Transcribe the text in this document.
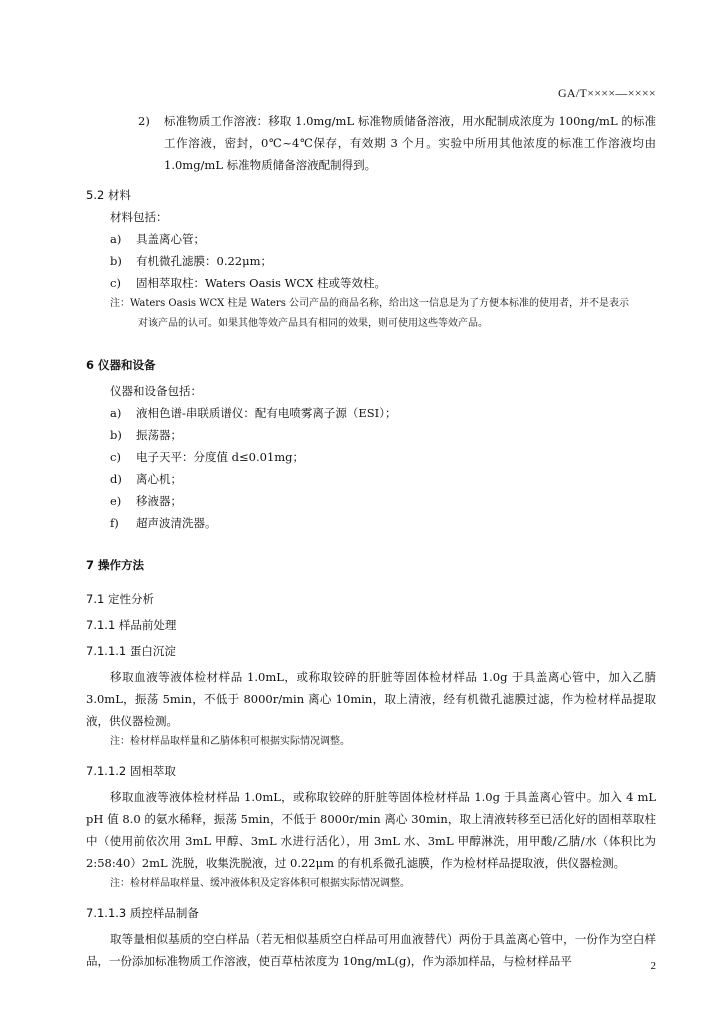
GA/T××××—××××
2)	标准物质工作溶液：移取 1.0mg/mL 标准物质储备溶液，用水配制成浓度为 100ng/mL 的标准工作溶液，密封，0℃~4℃保存，有效期 3 个月。实验中所用其他浓度的标准工作溶液均由 1.0mg/mL 标准物质储备溶液配制得到。
5.2 材料
材料包括：
a)	具盖离心管；
b)	有机微孔滤膜：0.22μm；
c)	固相萃取柱：Waters Oasis WCX 柱或等效柱。
注：Waters Oasis WCX 柱是 Waters 公司产品的商品名称，给出这一信息是为了方便本标准的使用者，并不是表示
对该产品的认可。如果其他等效产品具有相同的效果，则可使用这些等效产品。
6 仪器和设备
仪器和设备包括：
a)	液相色谱-串联质谱仪：配有电喷雾离子源（ESI）；
b)	振荡器；
c)	电子天平：分度值 d≤0.01mg；
d)	离心机；
e)	移液器；
f)	超声波清洗器。
7 操作方法
7.1 定性分析
7.1.1 样品前处理
7.1.1.1 蛋白沉淀
移取血液等液体检材样品 1.0mL，或称取铰碎的肝脏等固体检材样品 1.0g 于具盖离心管中，加入乙腈 3.0mL，振荡 5min，不低于 8000r/min 离心 10min，取上清液，经有机微孔滤膜过滤，作为检材样品提取液，供仪器检测。
注：检材样品取样量和乙腈体积可根据实际情况调整。
7.1.1.2 固相萃取
移取血液等液体检材样品 1.0mL，或称取铰碎的肝脏等固体检材样品 1.0g 于具盖离心管中。加入 4 mL pH 值 8.0 的氨水稀释，振荡 5min，不低于 8000r/min 离心 30min，取上清液转移至已活化好的固相萃取柱中（使用前依次用 3mL 甲醇、3mL 水进行活化），用 3mL 水、3mL 甲醇淋洗，用甲酸/乙腈/水（体积比为 2:58:40）2mL 洗脱，收集洗脱液，过 0.22μm 的有机系微孔滤膜，作为检材样品提取液，供仪器检测。
注：检材样品取样量、缓冲液体积及定容体积可根据实际情况调整。
7.1.1.3 质控样品制备
取等量相似基质的空白样品（若无相似基质空白样品可用血液替代）两份于具盖离心管中，一份作为空白样品，一份添加标准物质工作溶液，使百草枯浓度为 10ng/mL(g)，作为添加样品，与检材样品平	2
